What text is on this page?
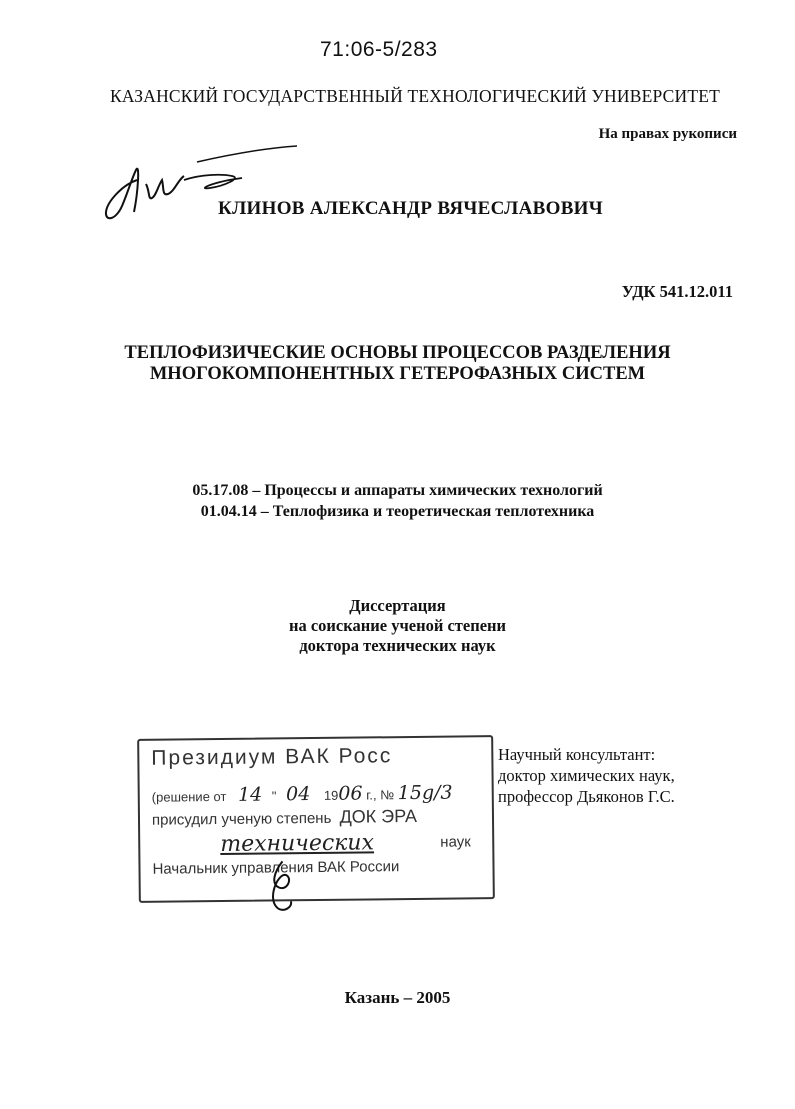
71:06-5/283
КАЗАНСКИЙ ГОСУДАРСТВЕННЫЙ ТЕХНОЛОГИЧЕСКИЙ УНИВЕРСИТЕТ
На правах рукописи
КЛИНОВ АЛЕКСАНДР ВЯЧЕСЛАВОВИЧ
УДК 541.12.011
ТЕПЛОФИЗИЧЕСКИЕ ОСНОВЫ ПРОЦЕССОВ РАЗДЕЛЕНИЯ
МНОГОКОМПОНЕНТНЫХ ГЕТЕРОФАЗНЫХ СИСТЕМ
05.17.08 – Процессы и аппараты химических технологий
01.04.14 – Теплофизика и теоретическая теплотехника
Диссертация
на соискание ученой степени
доктора технических наук
Президиум ВАК Росс
(решение от 14 " 04 1906 г., № 15g/3
присудил ученую степень ДОК ЭРА
технических	наук
Начальник управления ВАК России
Научный консультант:
доктор химических наук,
профессор Дьяконов Г.С.
Казань – 2005
